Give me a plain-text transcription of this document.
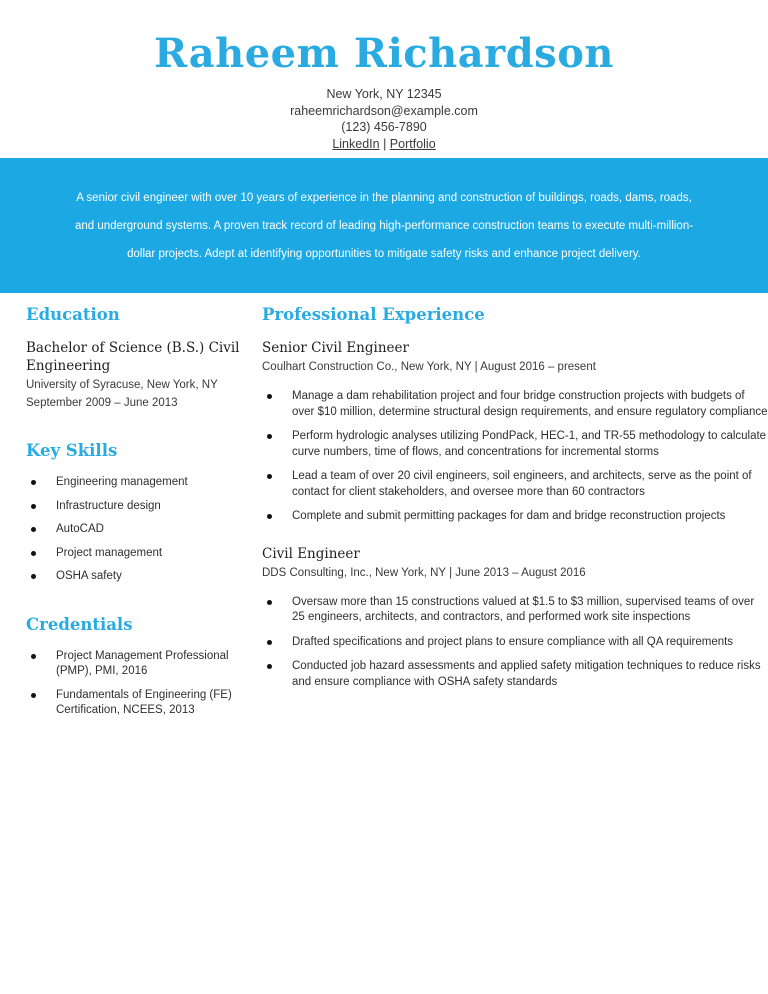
Raheem Richardson
New York, NY 12345
raheemrichardson@example.com
(123) 456-7890
LinkedIn | Portfolio

A senior civil engineer with over 10 years of experience in the planning and construction of buildings, roads, dams, roads, and underground systems. A proven track record of leading high-performance construction teams to execute multi-million-dollar projects. Adept at identifying opportunities to mitigate safety risks and enhance project delivery.

Education

Bachelor of Science (B.S.) Civil Engineering

University of Syracuse, New York, NY

September 2009 – June 2013

Key Skills
Engineering management
Infrastructure design
AutoCAD
Project management
OSHA safety
Credentials
Project Management Professional (PMP), PMI, 2016
Fundamentals of Engineering (FE) Certification, NCEES, 2013
Professional Experience

Senior Civil Engineer

Coulhart Construction Co., New York, NY | August 2016 – present

Manage a dam rehabilitation project and four bridge construction projects with budgets of over $10 million, determine structural design requirements, and ensure regulatory compliance
Perform hydrologic analyses utilizing PondPack, HEC-1, and TR-55 methodology to calculate curve numbers, time of flows, and concentrations for incremental storms
Lead a team of over 20 civil engineers, soil engineers, and architects, serve as the point of contact for client stakeholders, and oversee more than 60 contractors
Complete and submit permitting packages for dam and bridge reconstruction projects

Civil Engineer

DDS Consulting, Inc., New York, NY | June 2013 – August 2016

Oversaw more than 15 constructions valued at $1.5 to $3 million, supervised teams of over 25 engineers, architects, and contractors, and performed work site inspections
Drafted specifications and project plans to ensure compliance with all QA requirements
Conducted job hazard assessments and applied safety mitigation techniques to reduce risks and ensure compliance with OSHA safety standards
